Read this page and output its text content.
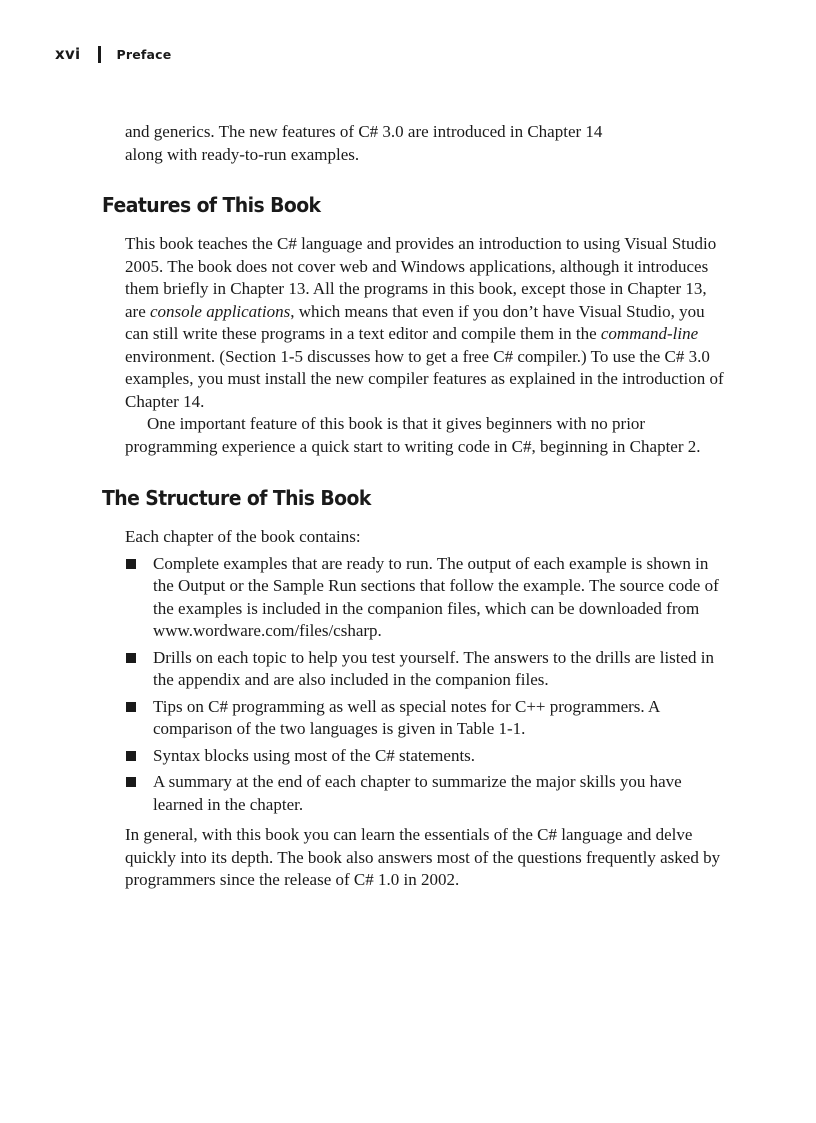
xvi	Preface

and generics. The new features of C# 3.0 are introduced in Chapter 14
along with ready-to-run examples.

Features of This Book

This book teaches the C# language and provides an introduction to using Visual Studio 2005. The book does not cover web and Windows applications, although it introduces them briefly in Chapter 13. All the programs in this book, except those in Chapter 13, are console applications, which means that even if you don’t have Visual Studio, you can still write these programs in a text editor and compile them in the command-line environment. (Section 1-5 discusses how to get a free C# compiler.) To use the C# 3.0 examples, you must install the new compiler features as explained in the introduction of Chapter 14.

One important feature of this book is that it gives beginners with no prior programming experience a quick start to writing code in C#, beginning in Chapter 2.

The Structure of This Book

Each chapter of the book contains:

Complete examples that are ready to run. The output of each example is shown in the Output or the Sample Run sections that follow the example. The source code of the examples is included in the companion files, which can be downloaded from www.wordware.com/files/csharp.
Drills on each topic to help you test yourself. The answers to the drills are listed in the appendix and are also included in the companion files.
Tips on C# programming as well as special notes for C++ programmers. A comparison of the two languages is given in Table 1-1.
Syntax blocks using most of the C# statements.
A summary at the end of each chapter to summarize the major skills you have learned in the chapter.

In general, with this book you can learn the essentials of the C# language and delve quickly into its depth. The book also answers most of the questions frequently asked by programmers since the release of C# 1.0 in 2002.
